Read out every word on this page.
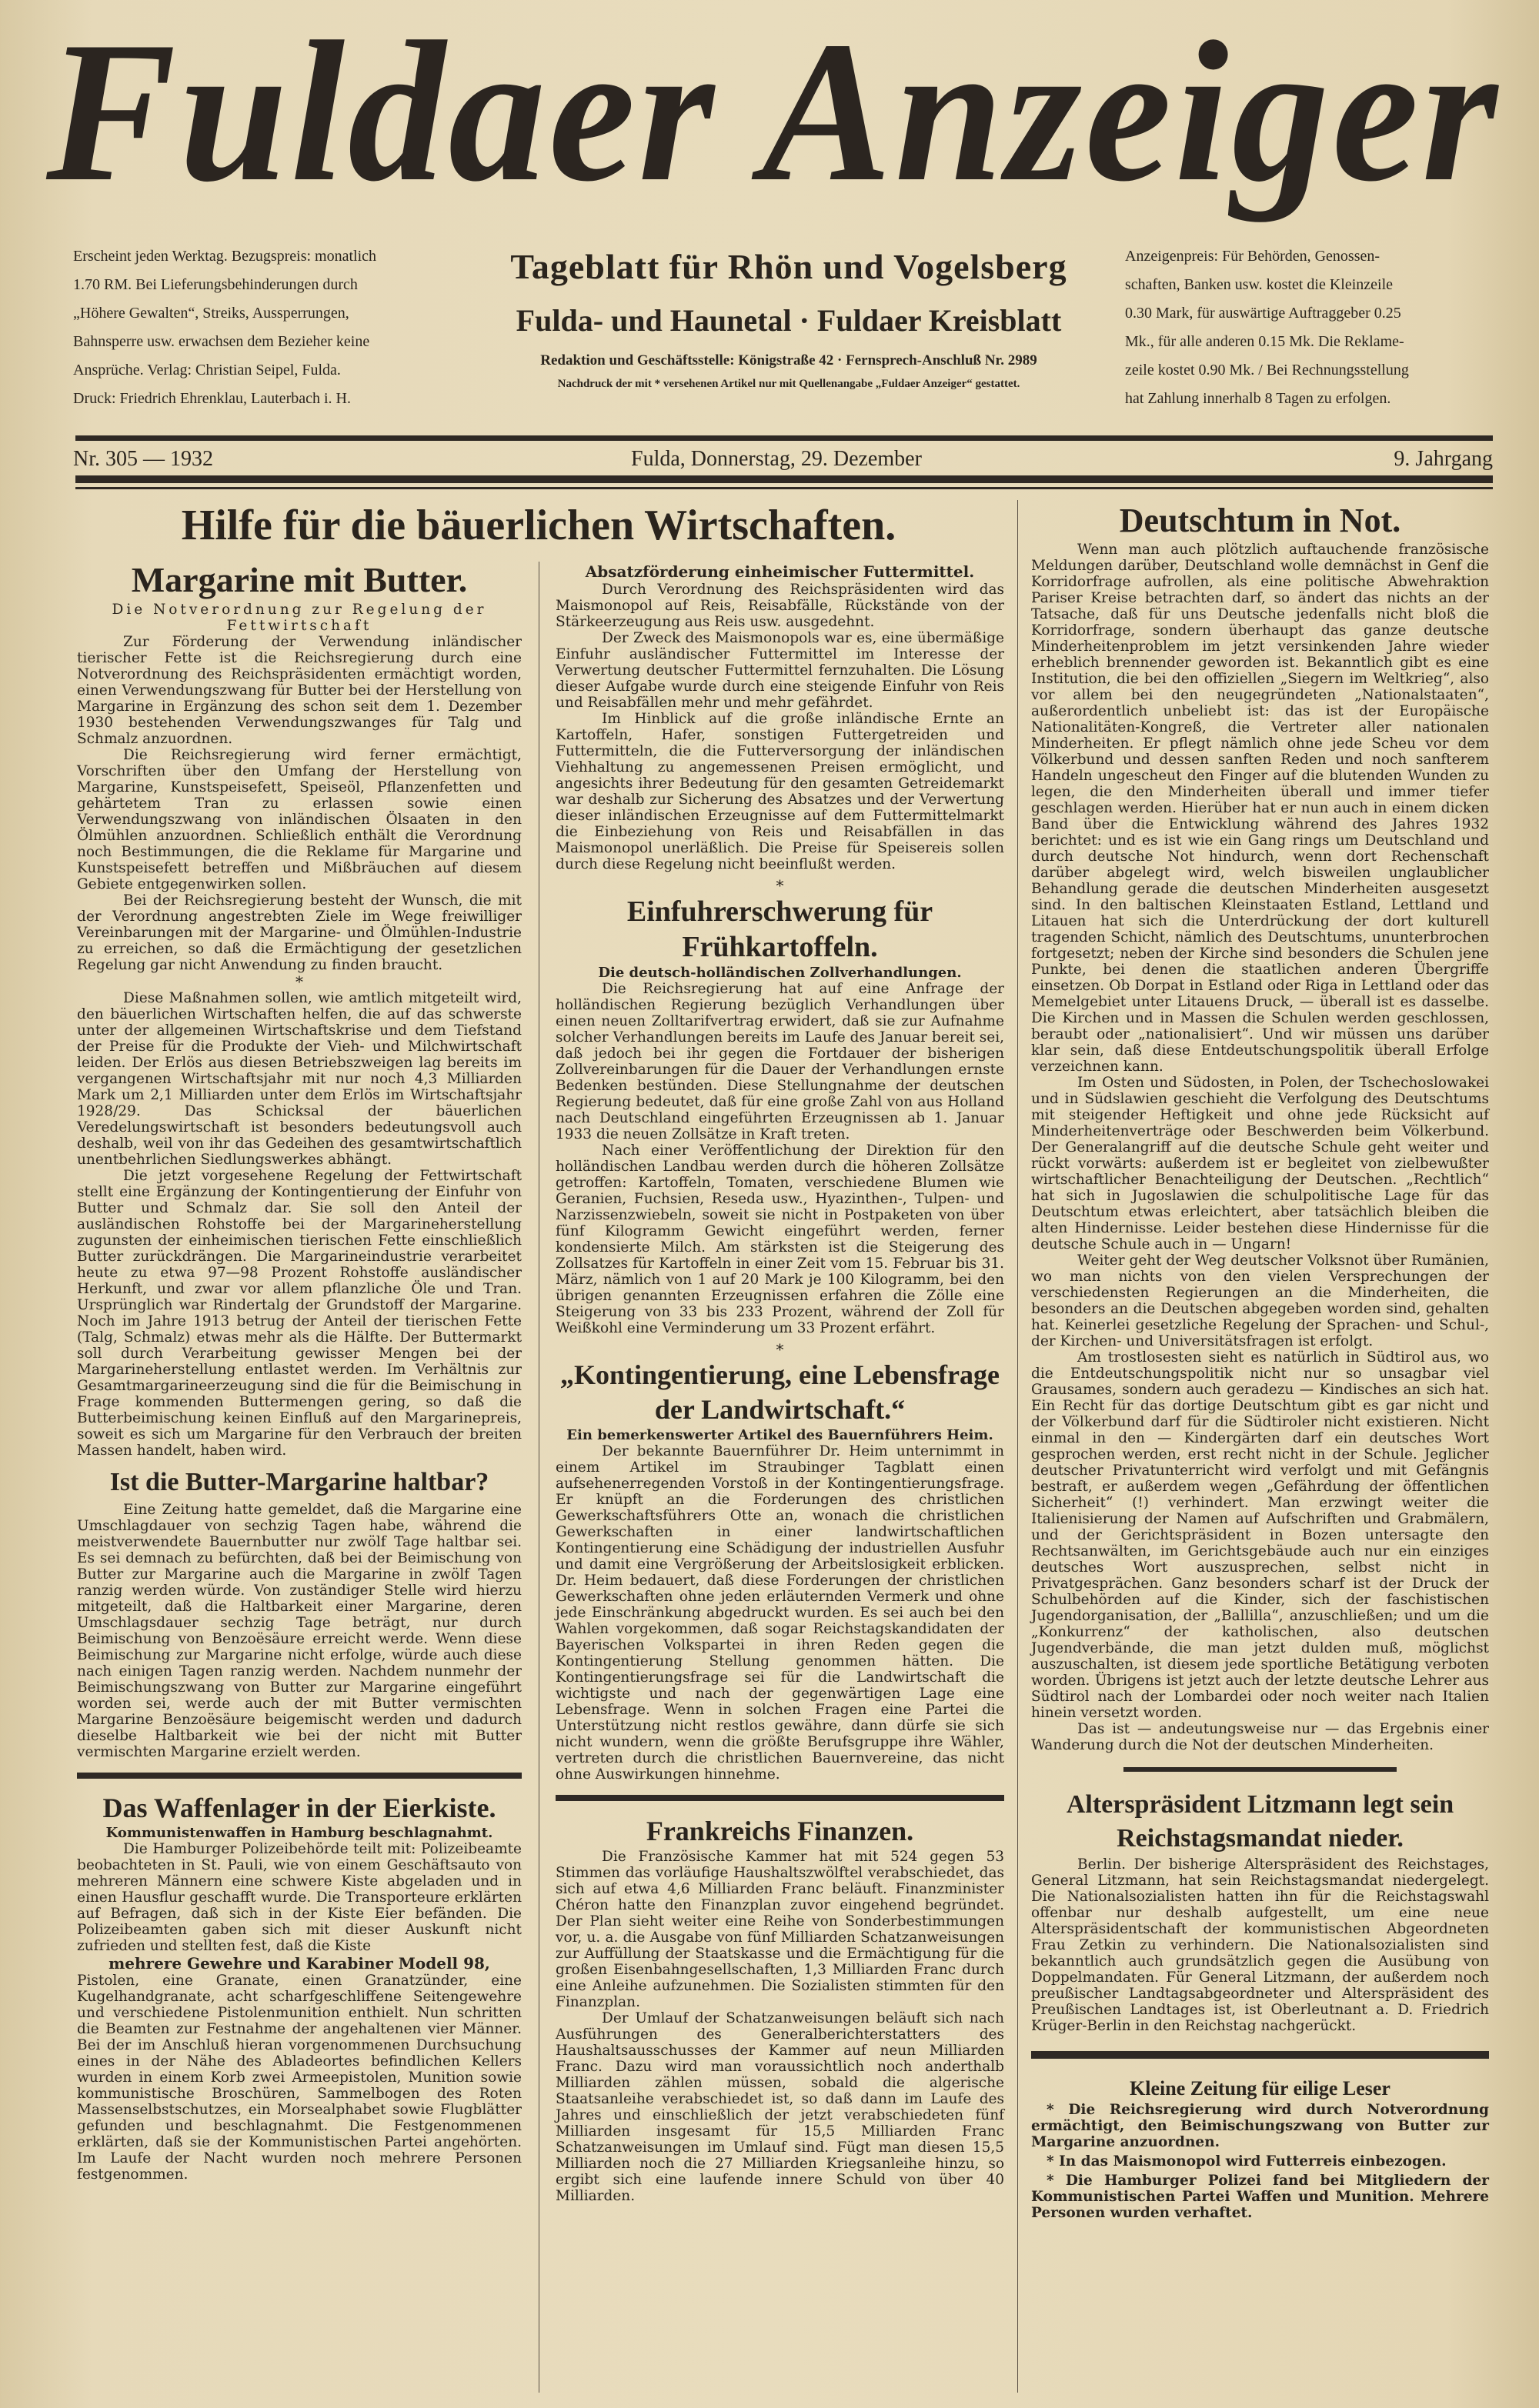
Fuldaer Anzeiger
Erscheint jeden Werktag. Bezugspreis: monatlich
1.70 RM. Bei Lieferungsbehinderungen durch
„Höhere Gewalten“, Streiks, Aussperrungen,
Bahnsperre usw. erwachsen dem Bezieher keine
Ansprüche. Verlag: Christian Seipel, Fulda.
Druck: Friedrich Ehrenklau, Lauterbach i. H.
Tageblatt für Rhön und Vogelsberg
Fulda- und Haunetal · Fuldaer Kreisblatt
Redaktion und Geschäftsstelle: Königstraße 42 · Fernsprech-Anschluß Nr. 2989
Nachdruck der mit * versehenen Artikel nur mit Quellenangabe „Fuldaer Anzeiger“ gestattet.
Anzeigenpreis: Für Behörden, Genossen-
schaften, Banken usw. kostet die Kleinzeile
0.30 Mark, für auswärtige Auftraggeber 0.25
Mk., für alle anderen 0.15 Mk. Die Reklame-
zeile kostet 0.90 Mk. / Bei Rechnungsstellung
hat Zahlung innerhalb 8 Tagen zu erfolgen.
Nr. 305 — 1932	Fulda, Donnerstag, 29. Dezember	9. Jahrgang
Hilfe für die bäuerlichen Wirtschaften.
Margarine mit Butter.
Die Notverordnung zur Regelung der
Fettwirtschaft

Zur Förderung der Verwendung inländischer tierischer Fette ist die Reichsregierung durch eine Notverordnung des Reichspräsidenten ermächtigt worden, einen Verwendungszwang für Butter bei der Herstellung von Margarine in Ergänzung des schon seit dem 1. Dezember 1930 bestehenden Verwendungszwanges für Talg und Schmalz anzuordnen.

Die Reichsregierung wird ferner ermächtigt, Vorschriften über den Umfang der Herstellung von Margarine, Kunstspeisefett, Speiseöl, Pflanzenfetten und gehärtetem Tran zu erlassen sowie einen Verwendungszwang von inländischen Ölsaaten in den Ölmühlen anzuordnen. Schließlich enthält die Verordnung noch Bestimmungen, die die Reklame für Margarine und Kunstspeisefett betreffen und Mißbräuchen auf diesem Gebiete entgegenwirken sollen.

Bei der Reichsregierung besteht der Wunsch, die mit der Verordnung angestrebten Ziele im Wege freiwilliger Vereinbarungen mit der Margarine- und Ölmühlen-Industrie zu erreichen, so daß die Ermächtigung der gesetzlichen Regelung gar nicht Anwendung zu finden braucht.

*

Diese Maßnahmen sollen, wie amtlich mitgeteilt wird, den bäuerlichen Wirtschaften helfen, die auf das schwerste unter der allgemeinen Wirtschaftskrise und dem Tiefstand der Preise für die Produkte der Vieh- und Milchwirtschaft leiden. Der Erlös aus diesen Betriebszweigen lag bereits im vergangenen Wirtschaftsjahr mit nur noch 4,3 Milliarden Mark um 2,1 Milliarden unter dem Erlös im Wirtschaftsjahr 1928/29. Das Schicksal der bäuerlichen Veredelungswirtschaft ist besonders bedeutungsvoll auch deshalb, weil von ihr das Gedeihen des gesamtwirtschaftlich unentbehrlichen Siedlungswerkes abhängt.

Die jetzt vorgesehene Regelung der Fettwirtschaft stellt eine Ergänzung der Kontingentierung der Einfuhr von Butter und Schmalz dar. Sie soll den Anteil der ausländischen Rohstoffe bei der Margarineherstellung zugunsten der einheimischen tierischen Fette einschließlich Butter zurückdrängen. Die Margarineindustrie verarbeitet heute zu etwa 97—98 Prozent Rohstoffe ausländischer Herkunft, und zwar vor allem pflanzliche Öle und Tran. Ursprünglich war Rindertalg der Grundstoff der Margarine. Noch im Jahre 1913 betrug der Anteil der tierischen Fette (Talg, Schmalz) etwas mehr als die Hälfte. Der Buttermarkt soll durch Verarbeitung gewisser Mengen bei der Margarineherstellung entlastet werden. Im Verhältnis zur Gesamtmargarineerzeugung sind die für die Beimischung in Frage kommenden Buttermengen gering, so daß die Butterbeimischung keinen Einfluß auf den Margarinepreis, soweit es sich um Margarine für den Verbrauch der breiten Massen handelt, haben wird.

Ist die Butter-Margarine haltbar?

Eine Zeitung hatte gemeldet, daß die Margarine eine Umschlagdauer von sechzig Tagen habe, während die meistverwendete Bauernbutter nur zwölf Tage haltbar sei. Es sei demnach zu befürchten, daß bei der Beimischung von Butter zur Margarine auch die Margarine in zwölf Tagen ranzig werden würde. Von zuständiger Stelle wird hierzu mitgeteilt, daß die Haltbarkeit einer Margarine, deren Umschlagsdauer sechzig Tage beträgt, nur durch Beimischung von Benzoësäure erreicht werde. Wenn diese Beimischung zur Margarine nicht erfolge, würde auch diese nach einigen Tagen ranzig werden. Nachdem nunmehr der Beimischungszwang von Butter zur Margarine eingeführt worden sei, werde auch der mit Butter vermischten Margarine Benzoësäure beigemischt werden und dadurch dieselbe Haltbarkeit wie bei der nicht mit Butter vermischten Margarine erzielt werden.

Das Waffenlager in der Eierkiste.
Kommunistenwaffen in Hamburg beschlagnahmt.

Die Hamburger Polizeibehörde teilt mit: Polizeibeamte beobachteten in St. Pauli, wie von einem Geschäftsauto von mehreren Männern eine schwere Kiste abgeladen und in einen Hausflur geschafft wurde. Die Transporteure erklärten auf Befragen, daß sich in der Kiste Eier befänden. Die Polizeibeamten gaben sich mit dieser Auskunft nicht zufrieden und stellten fest, daß die Kiste

mehrere Gewehre und Karabiner Modell 98,

Pistolen, eine Granate, einen Granatzünder, eine Kugelhandgranate, acht scharfgeschliffene Seitengewehre und verschiedene Pistolenmunition enthielt. Nun schritten die Beamten zur Festnahme der angehaltenen vier Männer. Bei der im Anschluß hieran vorgenommenen Durchsuchung eines in der Nähe des Abladeortes befindlichen Kellers wurden in einem Korb zwei Armeepistolen, Munition sowie kommunistische Broschüren, Sammelbogen des Roten Massenselbstschutzes, ein Morsealphabet sowie Flugblätter gefunden und beschlagnahmt. Die Festgenommenen erklärten, daß sie der Kommunistischen Partei angehörten. Im Laufe der Nacht wurden noch mehrere Personen festgenommen.

Absatzförderung einheimischer Futtermittel.

Durch Verordnung des Reichspräsidenten wird das Maismonopol auf Reis, Reisabfälle, Rückstände von der Stärkeerzeugung aus Reis usw. ausgedehnt.

Der Zweck des Maismonopols war es, eine übermäßige Einfuhr ausländischer Futtermittel im Interesse der Verwertung deutscher Futtermittel fernzuhalten. Die Lösung dieser Aufgabe wurde durch eine steigende Einfuhr von Reis und Reisabfällen mehr und mehr gefährdet.

Im Hinblick auf die große inländische Ernte an Kartoffeln, Hafer, sonstigen Futtergetreiden und Futtermitteln, die die Futterversorgung der inländischen Viehhaltung zu angemessenen Preisen ermöglicht, und angesichts ihrer Bedeutung für den gesamten Getreidemarkt war deshalb zur Sicherung des Absatzes und der Verwertung dieser inländischen Erzeugnisse auf dem Futtermittelmarkt die Einbeziehung von Reis und Reisabfällen in das Maismonopol unerläßlich. Die Preise für Speisereis sollen durch diese Regelung nicht beeinflußt werden.

*
Einfuhrerschwerung für Frühkartoffeln.
Die deutsch-holländischen Zollverhandlungen.

Die Reichsregierung hat auf eine Anfrage der holländischen Regierung bezüglich Verhandlungen über einen neuen Zolltarifvertrag erwidert, daß sie zur Aufnahme solcher Verhandlungen bereits im Laufe des Januar bereit sei, daß jedoch bei ihr gegen die Fortdauer der bisherigen Zollvereinbarungen für die Dauer der Verhandlungen ernste Bedenken bestünden. Diese Stellungnahme der deutschen Regierung bedeutet, daß für eine große Zahl von aus Holland nach Deutschland eingeführten Erzeugnissen ab 1. Januar 1933 die neuen Zollsätze in Kraft treten.

Nach einer Veröffentlichung der Direktion für den holländischen Landbau werden durch die höheren Zollsätze getroffen: Kartoffeln, Tomaten, verschiedene Blumen wie Geranien, Fuchsien, Reseda usw., Hyazinthen-, Tulpen- und Narzissenzwiebeln, soweit sie nicht in Postpaketen von über fünf Kilogramm Gewicht eingeführt werden, ferner kondensierte Milch. Am stärksten ist die Steigerung des Zollsatzes für Kartoffeln in einer Zeit vom 15. Februar bis 31. März, nämlich von 1 auf 20 Mark je 100 Kilogramm, bei den übrigen genannten Erzeugnissen erfahren die Zölle eine Steigerung von 33 bis 233 Prozent, während der Zoll für Weißkohl eine Verminderung um 33 Prozent erfährt.

*
„Kontingentierung, eine Lebensfrage
der Landwirtschaft.“
Ein bemerkenswerter Artikel des Bauernführers Heim.

Der bekannte Bauernführer Dr. Heim unternimmt in einem Artikel im Straubinger Tagblatt einen aufsehenerregenden Vorstoß in der Kontingentierungsfrage. Er knüpft an die Forderungen des christlichen Gewerkschaftsführers Otte an, wonach die christlichen Gewerkschaften in einer landwirtschaftlichen Kontingentierung eine Schädigung der industriellen Ausfuhr und damit eine Vergrößerung der Arbeitslosigkeit erblicken. Dr. Heim bedauert, daß diese Forderungen der christlichen Gewerkschaften ohne jeden erläuternden Vermerk und ohne jede Einschränkung abgedruckt wurden. Es sei auch bei den Wahlen vorgekommen, daß sogar Reichstagskandidaten der Bayerischen Volkspartei in ihren Reden gegen die Kontingentierung Stellung genommen hätten. Die Kontingentierungsfrage sei für die Landwirtschaft die wichtigste und nach der gegenwärtigen Lage eine Lebensfrage. Wenn in solchen Fragen eine Partei die Unterstützung nicht restlos gewähre, dann dürfe sie sich nicht wundern, wenn die größte Berufsgruppe ihre Wähler, vertreten durch die christlichen Bauernvereine, das nicht ohne Auswirkungen hinnehme.

Frankreichs Finanzen.

Die Französische Kammer hat mit 524 gegen 53 Stimmen das vorläufige Haushaltszwölftel verabschiedet, das sich auf etwa 4,6 Milliarden Franc beläuft. Finanzminister Chéron hatte den Finanzplan zuvor eingehend begründet. Der Plan sieht weiter eine Reihe von Sonderbestimmungen vor, u. a. die Ausgabe von fünf Milliarden Schatzanweisungen zur Auffüllung der Staatskasse und die Ermächtigung für die großen Eisenbahngesellschaften, 1,3 Milliarden Franc durch eine Anleihe aufzunehmen. Die Sozialisten stimmten für den Finanzplan.

Der Umlauf der Schatzanweisungen beläuft sich nach Ausführungen des Generalberichterstatters des Haushaltsausschusses der Kammer auf neun Milliarden Franc. Dazu wird man voraussichtlich noch anderthalb Milliarden zählen müssen, sobald die algerische Staatsanleihe verabschiedet ist, so daß dann im Laufe des Jahres und einschließlich der jetzt verabschiedeten fünf Milliarden insgesamt für 15,5 Milliarden Franc Schatzanweisungen im Umlauf sind. Fügt man diesen 15,5 Milliarden noch die 27 Milliarden Kriegsanleihe hinzu, so ergibt sich eine laufende innere Schuld von über 40 Milliarden.

Deutschtum in Not.

Wenn man auch plötzlich auftauchende französische Meldungen darüber, Deutschland wolle demnächst in Genf die Korridorfrage aufrollen, als eine politische Abwehraktion Pariser Kreise betrachten darf, so ändert das nichts an der Tatsache, daß für uns Deutsche jedenfalls nicht bloß die Korridorfrage, sondern überhaupt das ganze deutsche Minderheitenproblem im jetzt versinkenden Jahre wieder erheblich brennender geworden ist. Bekanntlich gibt es eine Institution, die bei den offiziellen „Siegern im Weltkrieg“, also vor allem bei den neugegründeten „Nationalstaaten“, außerordentlich unbeliebt ist: das ist der Europäische Nationalitäten-Kongreß, die Vertreter aller nationalen Minderheiten. Er pflegt nämlich ohne jede Scheu vor dem Völkerbund und dessen sanften Reden und noch sanfterem Handeln ungescheut den Finger auf die blutenden Wunden zu legen, die den Minderheiten überall und immer tiefer geschlagen werden. Hierüber hat er nun auch in einem dicken Band über die Entwicklung während des Jahres 1932 berichtet: und es ist wie ein Gang rings um Deutschland und durch deutsche Not hindurch, wenn dort Rechenschaft darüber abgelegt wird, welch bisweilen unglaublicher Behandlung gerade die deutschen Minderheiten ausgesetzt sind. In den baltischen Kleinstaaten Estland, Lettland und Litauen hat sich die Unterdrückung der dort kulturell tragenden Schicht, nämlich des Deutschtums, ununterbrochen fortgesetzt; neben der Kirche sind besonders die Schulen jene Punkte, bei denen die staatlichen anderen Übergriffe einsetzen. Ob Dorpat in Estland oder Riga in Lettland oder das Memelgebiet unter Litauens Druck, — überall ist es dasselbe. Die Kirchen und in Massen die Schulen werden geschlossen, beraubt oder „nationalisiert“. Und wir müssen uns darüber klar sein, daß diese Entdeutschungspolitik überall Erfolge verzeichnen kann.

Im Osten und Südosten, in Polen, der Tschechoslowakei und in Südslawien geschieht die Verfolgung des Deutschtums mit steigender Heftigkeit und ohne jede Rücksicht auf Minderheitenverträge oder Beschwerden beim Völkerbund. Der Generalangriff auf die deutsche Schule geht weiter und rückt vorwärts: außerdem ist er begleitet von zielbewußter wirtschaftlicher Benachteiligung der Deutschen. „Rechtlich“ hat sich in Jugoslawien die schulpolitische Lage für das Deutschtum etwas erleichtert, aber tatsächlich bleiben die alten Hindernisse. Leider bestehen diese Hindernisse für die deutsche Schule auch in — Ungarn!

Weiter geht der Weg deutscher Volksnot über Rumänien, wo man nichts von den vielen Versprechungen der verschiedensten Regierungen an die Minderheiten, die besonders an die Deutschen abgegeben worden sind, gehalten hat. Keinerlei gesetzliche Regelung der Sprachen- und Schul-, der Kirchen- und Universitätsfragen ist erfolgt.

Am trostlosesten sieht es natürlich in Südtirol aus, wo die Entdeutschungspolitik nicht nur so unsagbar viel Grausames, sondern auch geradezu — Kindisches an sich hat. Ein Recht für das dortige Deutschtum gibt es gar nicht und der Völkerbund darf für die Südtiroler nicht existieren. Nicht einmal in den — Kindergärten darf ein deutsches Wort gesprochen werden, erst recht nicht in der Schule. Jeglicher deutscher Privatunterricht wird verfolgt und mit Gefängnis bestraft, er außerdem wegen „Gefährdung der öffentlichen Sicherheit“ (!) verhindert. Man erzwingt weiter die Italienisierung der Namen auf Aufschriften und Grabmälern, und der Gerichtspräsident in Bozen untersagte den Rechtsanwälten, im Gerichtsgebäude auch nur ein einziges deutsches Wort auszusprechen, selbst nicht in Privatgesprächen. Ganz besonders scharf ist der Druck der Schulbehörden auf die Kinder, sich der faschistischen Jugendorganisation, der „Ballilla“, anzuschließen; und um die „Konkurrenz“ der katholischen, also deutschen Jugendverbände, die man jetzt dulden muß, möglichst auszuschalten, ist diesem jede sportliche Betätigung verboten worden. Übrigens ist jetzt auch der letzte deutsche Lehrer aus Südtirol nach der Lombardei oder noch weiter nach Italien hinein versetzt worden.

Das ist — andeutungsweise nur — das Ergebnis einer Wanderung durch die Not der deutschen Minderheiten.

Alterspräsident Litzmann legt sein
Reichstagsmandat nieder.

Berlin. Der bisherige Alterspräsident des Reichstages, General Litzmann, hat sein Reichstagsmandat niedergelegt. Die Nationalsozialisten hatten ihn für die Reichstagswahl offenbar nur deshalb aufgestellt, um eine neue Alterspräsidentschaft der kommunistischen Abgeordneten Frau Zetkin zu verhindern. Die Nationalsozialisten sind bekanntlich auch grundsätzlich gegen die Ausübung von Doppelmandaten. Für General Litzmann, der außerdem noch preußischer Landtagsabgeordneter und Alterspräsident des Preußischen Landtages ist, ist Oberleutnant a. D. Friedrich Krüger-Berlin in den Reichstag nachgerückt.

Kleine Zeitung für eilige Leser

* Die Reichsregierung wird durch Notverordnung ermächtigt, den Beimischungszwang von Butter zur Margarine anzuordnen.

* In das Maismonopol wird Futterreis einbezogen.

* Die Hamburger Polizei fand bei Mitgliedern der Kommunistischen Partei Waffen und Munition. Mehrere Personen wurden verhaftet.
